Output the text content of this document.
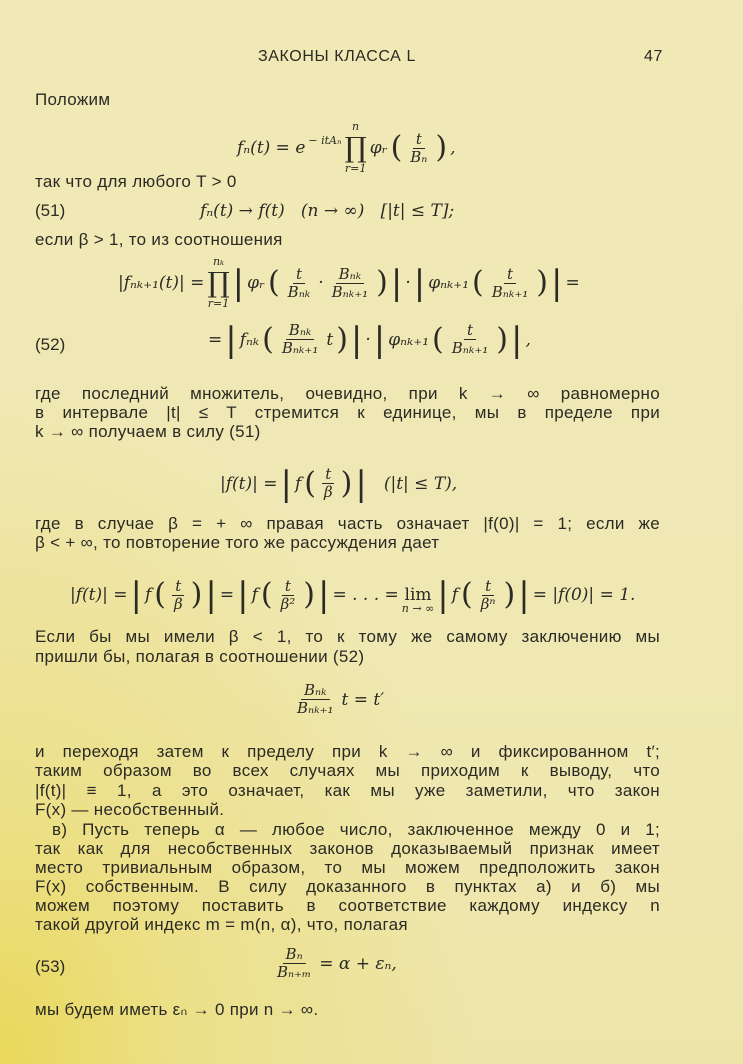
ЗАКОНЫ КЛАССА L	47
Положим
fₙ(t) = e $^{- itA_n}$
n
∏
r=1
φᵣ ( $\frac{t}{\text{Bₙ}}$ ) ,
так что для любого T > 0
(51)	fₙ(t) → f(t)   (n → ∞)   [|t| ≤ T];
если β > 1, то из соотношения
|fₙₖ₊₁(t)| =
nₖ
∏
r=1
| φᵣ ( $\frac{t}{\text{Bₙₖ}} \cdot \frac{\text{Bₙₖ}}{\text{Bₙₖ₊₁}}$ ) | · | φₙₖ₊₁ ( $\frac{t}{\text{Bₙₖ₊₁}}$ ) | =
(52)	= | fₙₖ ( $\frac{\text{Bₙₖ}}{\text{Bₙₖ₊₁}}$ t ) | · | φₙₖ₊₁ ( $\frac{t}{\text{Bₙₖ₊₁}}$ ) | ,
где последний множитель, очевидно, при k → ∞ равномерно
в интервале |t| ≤ T стремится к единице, мы в пределе при
k → ∞ получаем в силу (51)
|f(t)| = | f ( $\frac{t}{\beta}$ ) | (|t| ≤ T),
где в случае β = + ∞ правая часть означает |f(0)| = 1; если же
β < + ∞, то повторение того же рассуждения дает
|f(t)| = | f ( $\frac{t}{\beta}$ ) | = | f ( $\frac{t}{\text{β²}}$ ) | = . . . = lim
n → ∞ | f ( $\frac{t}{\text{βⁿ}}$ ) | = |f(0)| = 1.
Если бы мы имели β < 1, то к тому же самому заключению мы
пришли бы, полагая в соотношении (52)
$\frac{\text{Bₙₖ}}{\text{Bₙₖ₊₁}}$ t = t′
и переходя затем к пределу при k → ∞ и фиксированном t′;
таким образом во всех случаях мы приходим к выводу, что
|f(t)| ≡ 1, а это означает, как мы уже заметили, что закон
F(x) — несобственный.
в) Пусть теперь α — любое число, заключенное между 0 и 1;
так как для несобственных законов доказываемый признак имеет
место тривиальным образом, то мы можем предположить закон
F(x) собственным. В силу доказанного в пунктах а) и б) мы
можем поэтому поставить в соответствие каждому индексу n
такой другой индекс m = m(n, α), что, полагая
(53)	$\frac{\text{Bₙ}}{\text{Bₙ₊ₘ}} = \alpha + \varepsilon_n$,
мы будем иметь εₙ → 0 при n → ∞.
